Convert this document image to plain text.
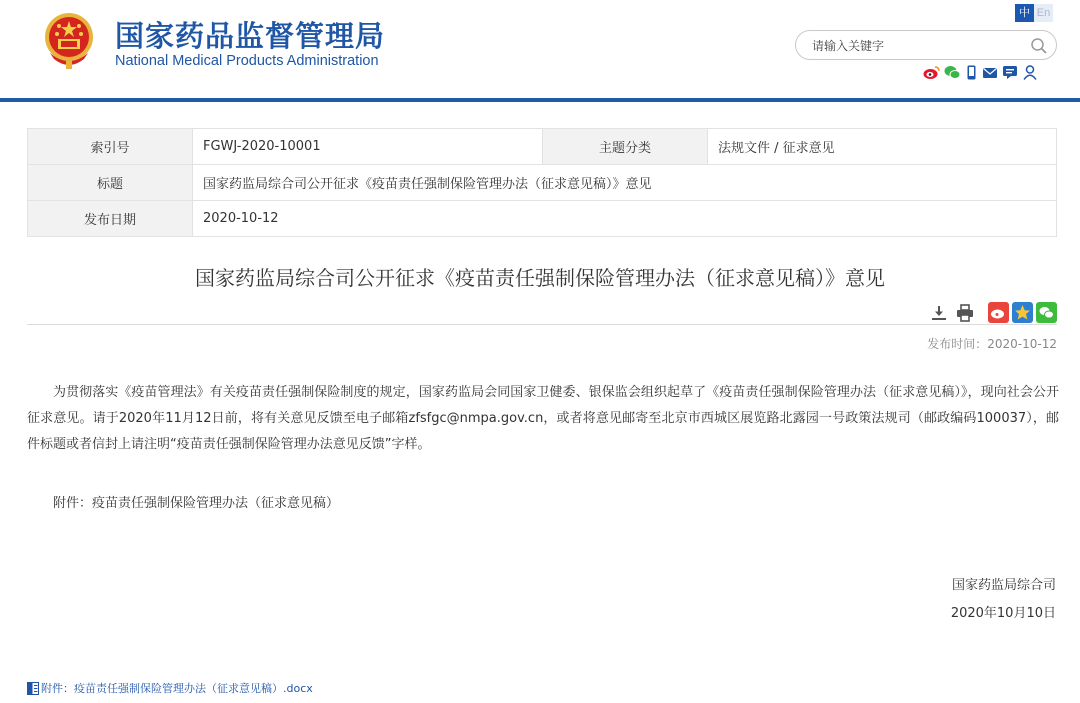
国家药品监督管理局
National Medical Products Administration
中 En
请输入关键字
索引号	FGWJ-2020-10001	主题分类	法规文件 / 征求意见
标题	国家药监局综合司公开征求《疫苗责任强制保险管理办法（征求意见稿）》意见		
发布日期	2020-10-12		
国家药监局综合司公开征求《疫苗责任强制保险管理办法（征求意见稿）》意见
发布时间：2020-10-12

为贯彻落实《疫苗管理法》有关疫苗责任强制保险制度的规定，国家药监局会同国家卫健委、银保监会组织起草了《疫苗责任强制保险管理办法（征求意见稿）》，现向社会公开征求意见。请于2020年11月12日前，将有关意见反馈至电子邮箱zfsfgc@nmpa.gov.cn，或者将意见邮寄至北京市西城区展览路北露园一号政策法规司（邮政编码100037），邮件标题或者信封上请注明“疫苗责任强制保险管理办法意见反馈”字样。

附件：疫苗责任强制保险管理办法（征求意见稿）
国家药监局综合司
2020年10月10日
附件：疫苗责任强制保险管理办法（征求意见稿）.docx
